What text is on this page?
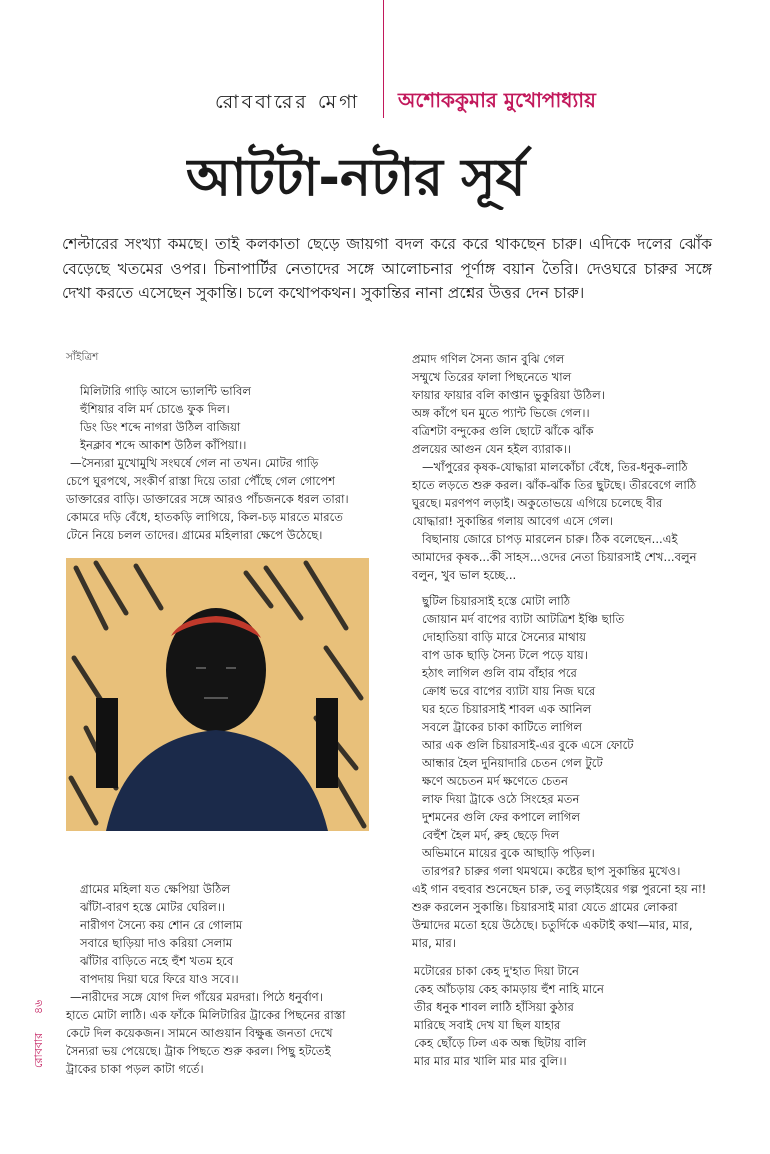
রোববারের মেগা অশোককুমার মুখোপাধ্যায়
আটটা-নটার সূর্য
শেল্টারের সংখ্যা কমছে। তাই কলকাতা ছেড়ে জায়গা বদল করে করে থাকছেন চারু। এদিকে দলের ঝোঁক বেড়েছে খতমের ওপর। চিনাপার্টির নেতাদের সঙ্গে আলোচনার পূর্ণাঙ্গ বয়ান তৈরি। দেওঘরে চারুর সঙ্গে দেখা করতে এসেছেন সুকান্তি। চলে কথোপকথন। সুকান্তির নানা প্রশ্নের উত্তর দেন চারু।
সাঁইত্রিশ

মিলিটারি গাড়ি আসে ভ্যালন্টি ভাবিল

হুঁশিয়ার বলি মর্দ চোঙে ফুক দিল।

ডিং ডিং শব্দে নাগরা উঠিল বাজিয়া

ইনক্লাব শব্দে আকাশ উঠিল কাঁপিয়া।।

—সৈন্যরা মুখোমুখি সংঘর্ষে গেল না তখন। মোটর গাড়ি

চেপে ঘুরপথে, সংকীর্ণ রাস্তা দিয়ে তারা পৌঁছে গেল গোপেশ

ডাক্তারের বাড়ি। ডাক্তারের সঙ্গে আরও পাঁচজনকে ধরল তারা।

কোমরে দড়ি বেঁধে, হাতকড়ি লাগিয়ে, কিল-চড় মারতে মারতে

টেনে নিয়ে চলল তাদের। গ্রামের মহিলারা ক্ষেপে উঠেছে।

গ্রামের মহিলা যত ক্ষেপিয়া উঠিল

ঝাঁটা-বারণ হস্তে মোটর ঘেরিল।।

নারীগণ সৈন্যে কয় শোন রে গোলাম

সবারে ছাড়িয়া দাও করিয়া সেলাম

ঝাঁটার বাড়িতে নহে হুঁশ খতম হবে

বাপদায় দিয়া ঘরে ফিরে যাও সবে।।

—নারীদের সঙ্গে যোগ দিল গাঁয়ের মরদরা। পিঠে ধনুর্বাণ।

হাতে মোটা লাঠি। এক ফাঁকে মিলিটারির ট্রাকের পিছনের রাস্তা

কেটে দিল কয়েকজন। সামনে আগুয়ান বিক্ষুব্ধ জনতা দেখে

সৈন্যরা ভয় পেয়েছে। ট্রাক পিছতে শুরু করল। পিছু হটতেই

ট্রাকের চাকা পড়ল কাটা গর্তে।

প্রমাদ গণিল সৈন্য জান বুঝি গেল

সম্মুখে তিরের ফালা পিছনেতে খাল

ফায়ার ফায়ার বলি কাপ্তান ভুকুরিয়া উঠিল।

অঙ্গ কাঁপে ঘন মুতে প্যান্ট ভিজে গেল।।

বত্রিশটা বন্দুকের গুলি ছোটে ঝাঁকে ঝাঁক

প্রলয়ের আগুন যেন হইল ব্যারাক।।

—খাঁপুরের কৃষক-যোদ্ধারা মালকোঁচা বেঁধে, তির-ধনুক-লাঠি

হাতে লড়তে শুরু করল। ঝাঁক-ঝাঁক তির ছুটছে। তীরবেগে লাঠি

ঘুরছে। মরণপণ লড়াই। অকুতোভয়ে এগিয়ে চলেছে বীর

যোদ্ধারা! সুকান্তির গলায় আবেগ এসে গেল।

বিছানায় জোরে চাপড় মারলেন চারু। ঠিক বলেছেন...এই

আমাদের কৃষক...কী সাহস...ওদের নেতা চিয়ারসাই শেখ...বলুন

বলুন, খুব ভাল হচ্ছে...

ছুটিল চিয়ারসাই হস্তে মোটা লাঠি

জোয়ান মর্দ বাপের ব্যাটা আটত্রিশ ইঞ্চি ছাতি

দোহাতিয়া বাড়ি মারে সৈন্যের মাথায়

বাপ ডাক ছাড়ি সৈন্য টলে পড়ে যায়।

হঠাৎ লাগিল গুলি বাম বাঁহার পরে

ক্রোধ ভরে বাপের ব্যাটা যায় নিজ ঘরে

ঘর হতে চিয়ারসাই শাবল এক আনিল

সবলে ট্রাকের চাকা কাটিতে লাগিল

আর এক গুলি চিয়ারসাই-এর বুকে এসে ফোটে

আন্ধার হৈল দুনিয়াদারি চেতন গেল টুটে

ক্ষণে অচেতন মর্দ ক্ষণেতে চেতন

লাফ দিয়া ট্রাকে ওঠে সিংহের মতন

দুশমনের গুলি ফের কপালে লাগিল

বেহুঁশ হৈল মর্দ, রুহ ছেড়ে দিল

অভিমানে মায়ের বুকে আছাড়ি পড়িল।

তারপর? চারুর গলা থমথমে। কষ্টের ছাপ সুকান্তির মুখেও।

এই গান বহুবার শুনেছেন চারু, তবু লড়াইয়ের গল্প পুরনো হয় না!

শুরু করলেন সুকান্তি। চিয়ারসাই মারা যেতে গ্রামের লোকরা

উন্মাদের মতো হয়ে উঠেছে। চতুর্দিকে একটাই কথা—মার, মার,

মার, মার।

মটোরের চাকা কেহ দু'হাত দিয়া টানে

কেহ আঁচড়ায় কেহ কামড়ায় হুঁশ নাহি মানে

তীর ধনুক শাবল লাঠি হাঁসিয়া কুঠার

মারিছে সবাই দেখ যা ছিল যাহার

কেহ ছোঁড়ে ঢিল এক অন্ধ ছিটায় বালি

মার মার মার খালি মার মার বুলি।।

রোববার
৪৬
